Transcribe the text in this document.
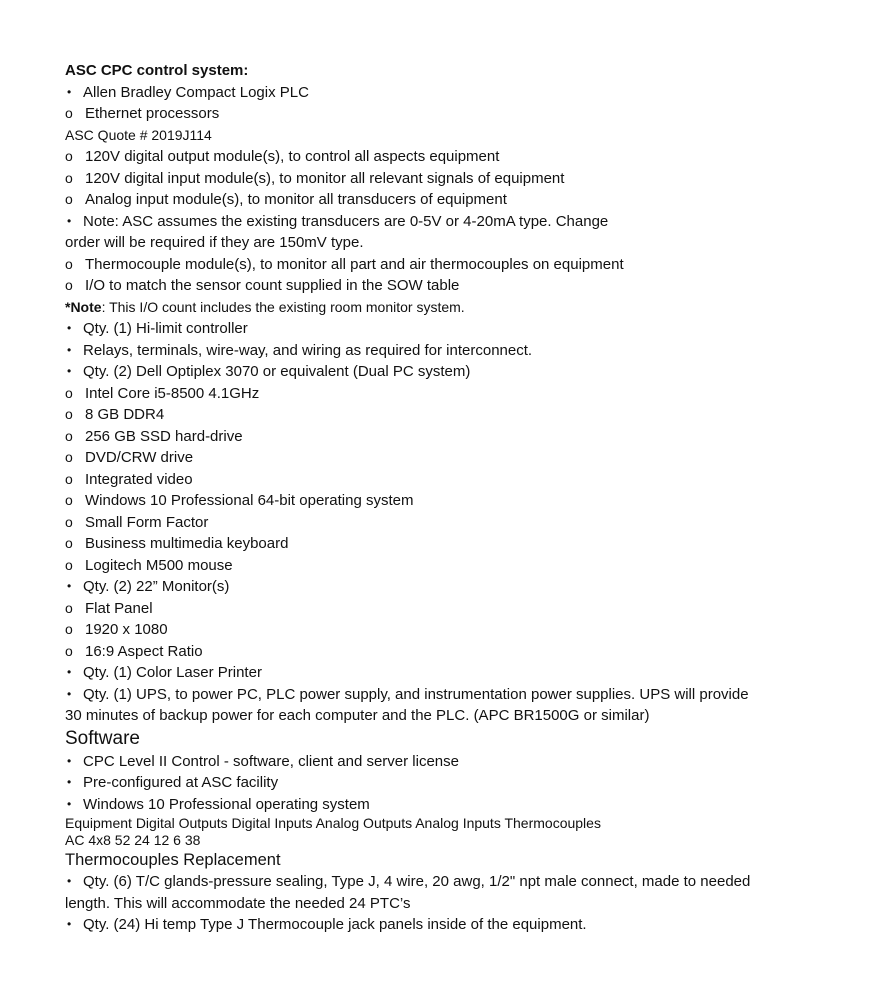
ASC CPC control system:
• Allen Bradley Compact Logix PLC
o Ethernet processors
ASC Quote # 2019J114
o 120V digital output module(s), to control all aspects equipment
o 120V digital input module(s), to monitor all relevant signals of equipment
o Analog input module(s), to monitor all transducers of equipment
• Note: ASC assumes the existing transducers are 0-5V or 4-20mA type. Change
order will be required if they are 150mV type.
o Thermocouple module(s), to monitor all part and air thermocouples on equipment
o I/O to match the sensor count supplied in the SOW table
*Note : This I/O count includes the existing room monitor system.
• Qty. (1) Hi-limit controller
• Relays, terminals, wire-way, and wiring as required for interconnect.
• Qty. (2) Dell Optiplex 3070 or equivalent (Dual PC system)
o Intel Core i5-8500 4.1GHz
o 8 GB DDR4
o 256 GB SSD hard-drive
o DVD/CRW drive
o Integrated video
o Windows 10 Professional 64-bit operating system
o Small Form Factor
o Business multimedia keyboard
o Logitech M500 mouse
• Qty. (2) 22” Monitor(s)
o Flat Panel
o 1920 x 1080
o 16:9 Aspect Ratio
• Qty. (1) Color Laser Printer
• Qty. (1) UPS, to power PC, PLC power supply, and instrumentation power supplies. UPS will provide
30 minutes of backup power for each computer and the PLC. (APC BR1500G or similar)
Software
• CPC Level II Control - software, client and server license
• Pre-configured at ASC facility
• Windows 10 Professional operating system
Equipment Digital Outputs Digital Inputs Analog Outputs Analog Inputs Thermocouples
AC 4x8 52 24 12 6 38
Thermocouples Replacement
• Qty. (6) T/C glands-pressure sealing, Type J, 4 wire, 20 awg, 1/2" npt male connect, made to needed
length. This will accommodate the needed 24 PTC’s
• Qty. (24) Hi temp Type J Thermocouple jack panels inside of the equipment.
